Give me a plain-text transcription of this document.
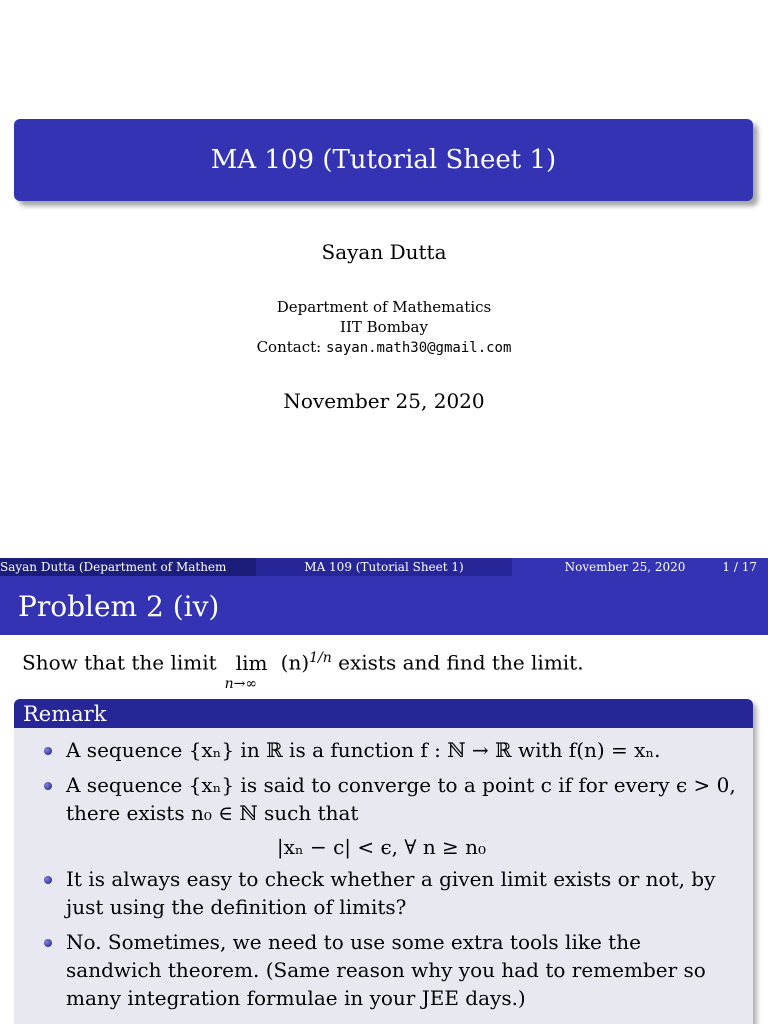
MA 109 (Tutorial Sheet 1)
Sayan Dutta
Department of Mathematics
IIT Bombay
Contact: sayan.math30@gmail.com
November 25, 2020
Sayan Dutta (Department of Mathem	MA 109 (Tutorial Sheet 1)	November 25, 2020	1 / 17
Problem 2 (iv)
Show that the limit lim
n→∞
$(n)^{1/n}$ exists and find the limit.
Remark
A sequence {xₙ} in ℝ is a function f : ℕ → ℝ with f(n) = xₙ.
A sequence {xₙ} is said to converge to a point c if for every ϵ > 0, there exists n₀ ∈ ℕ such that
|xₙ − c| < ϵ, ∀ n ≥ n₀
It is always easy to check whether a given limit exists or not, by just using the definition of limits?
No. Sometimes, we need to use some extra tools like the sandwich theorem. (Same reason why you had to remember so many integration formulae in your JEE days.)
